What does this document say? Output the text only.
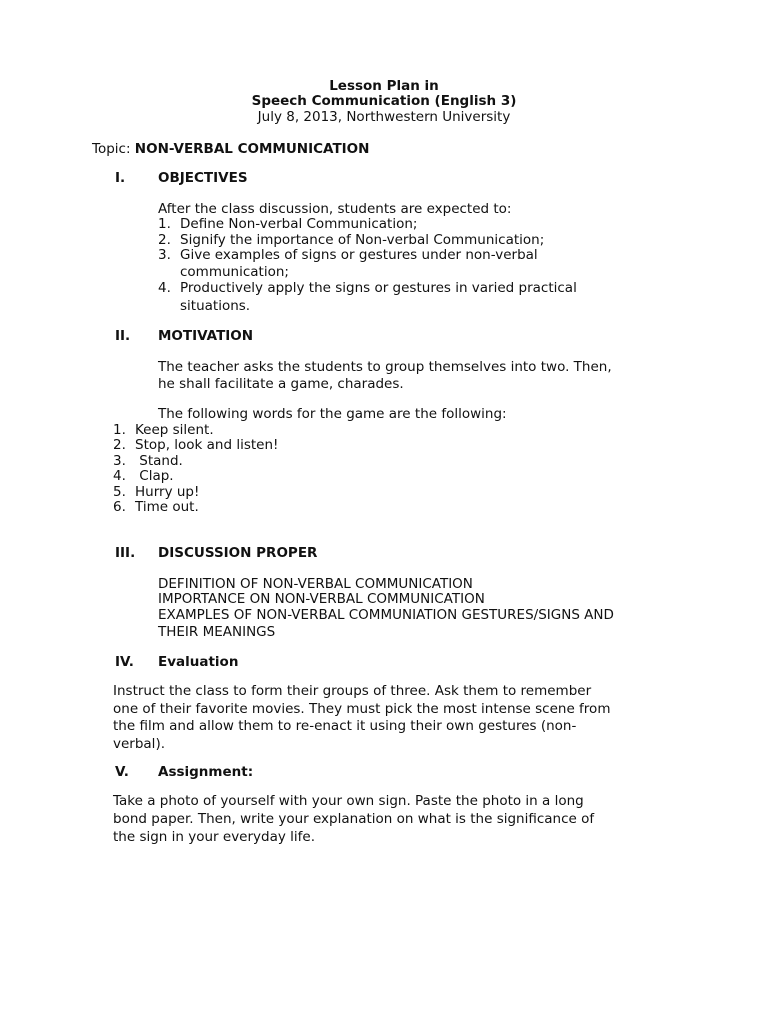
Lesson Plan in
Speech Communication (English 3)
July 8, 2013, Northwestern University
Topic: NON-VERBAL COMMUNICATION
I. OBJECTIVES
After the class discussion, students are expected to:
1. Define Non-verbal Communication;
2. Signify the importance of Non-verbal Communication;
3. Give examples of signs or gestures under non-verbal
communication;
4. Productively apply the signs or gestures in varied practical
situations.
II. MOTIVATION
The teacher asks the students to group themselves into two. Then,
he shall facilitate a game, charades.
The following words for the game are the following:
1. Keep silent.
2. Stop, look and listen!
3. Stand.
4. Clap.
5. Hurry up!
6. Time out.
III. DISCUSSION PROPER
DEFINITION OF NON-VERBAL COMMUNICATION
IMPORTANCE ON NON-VERBAL COMMUNICATION
EXAMPLES OF NON-VERBAL COMMUNIATION GESTURES/SIGNS AND
THEIR MEANINGS
IV. Evaluation
Instruct the class to form their groups of three. Ask them to remember
one of their favorite movies. They must pick the most intense scene from
the film and allow them to re-enact it using their own gestures (non-
verbal).
V. Assignment:
Take a photo of yourself with your own sign. Paste the photo in a long
bond paper. Then, write your explanation on what is the significance of
the sign in your everyday life.
